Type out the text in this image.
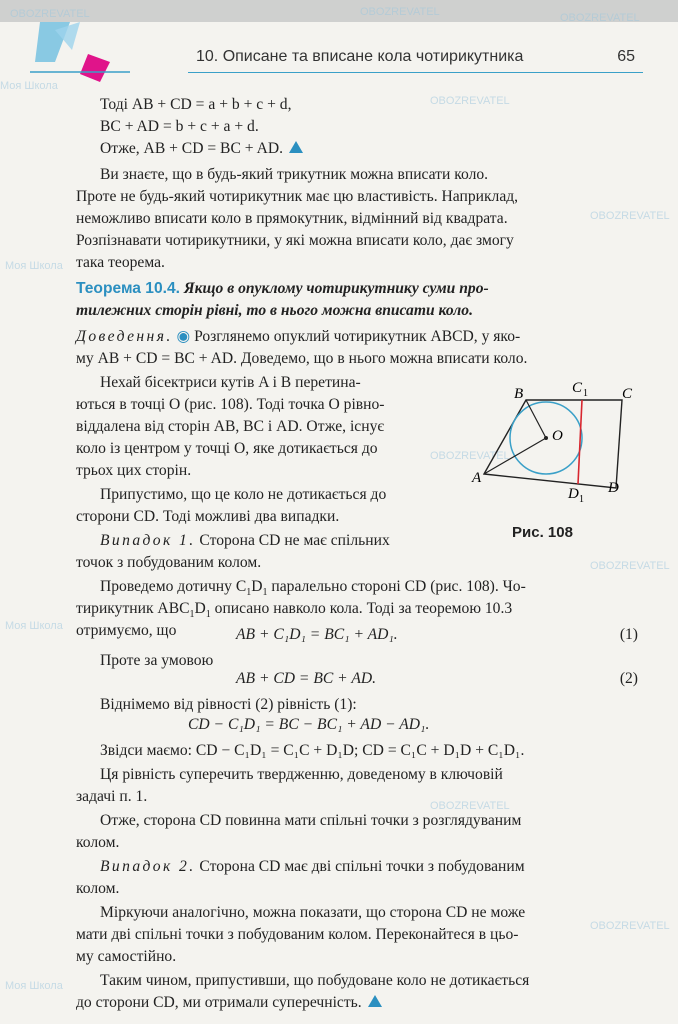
10. Описане та вписане кола чотирикутника	65
OBOZREVATEL	OBOZREVATEL	OBOZREVATEL
Моя Школа
OBOZREVATEL
OBOZREVATEL
Моя Школа
OBOZREVATEL
OBOZREVATEL
Моя Школа
OBOZREVATEL
OBOZREVATEL
Моя Школа
Тоді AB + CD = a + b + c + d,
BC + AD = b + c + a + d.
Отже, AB + CD = BC + AD.
Ви знаєте, що в будь-який трикутник можна вписати коло.
Проте не будь-який чотирикутник має цю властивість. Наприклад,
неможливо вписати коло в прямокутник, відмінний від квадрата.
Розпізнавати чотирикутники, у які можна вписати коло, дає змогу
така теорема.
Теорема 10.4. Якщо в опуклому чотирикутнику суми про-
тилежних сторін рівні, то в нього можна вписати коло.
Доведення. ◉ Розглянемо опуклий чотирикутник ABCD, у яко-
му AB + CD = BC + AD. Доведемо, що в нього можна вписати коло.
Нехай бісектриси кутів A і B перетина-
ються в точці O (рис. 108). Тоді точка O рівно-
віддалена від сторін AB, BC і AD. Отже, існує
коло із центром у точці O, яке дотикається до
трьох цих сторін.
Припустимо, що це коло не дотикається до
сторони CD. Тоді можливі два випадки.
Випадок 1. Сторона CD не має спільних
точок з побудованим колом.
Проведемо дотичну $C_1D_1$ паралельно стороні CD (рис. 108). Чо-
тирикутник $ABC_1D_1$ описано навколо кола. Тоді за теоремою 10.3
отримуємо, що	AB + C₁D₁ = BC₁ + AD₁.	(1)
Проте за умовою
AB + CD = BC + AD.	(2)
Віднімемо від рівності (2) рівність (1):
CD − C₁D₁ = BC − BC₁ + AD − AD₁.
Звідси маємо: CD − C₁D₁ = C₁C + D₁D; CD = C₁C + D₁D + C₁D₁.
Ця рівність суперечить твердженню, доведеному в ключовій
задачі п. 1.
Отже, сторона CD повинна мати спільні точки з розглядуваним
колом.
Випадок 2. Сторона CD має дві спільні точки з побудованим
колом.
Міркуючи аналогічно, можна показати, що сторона CD не може
мати дві спільні точки з побудованим колом. Переконайтеся в цьо-
му самостійно.
Таким чином, припустивши, що побудоване коло не дотикається
до сторони CD, ми отримали суперечність.
A
B	C
D
O
C 1
D 1
Рис. 108
